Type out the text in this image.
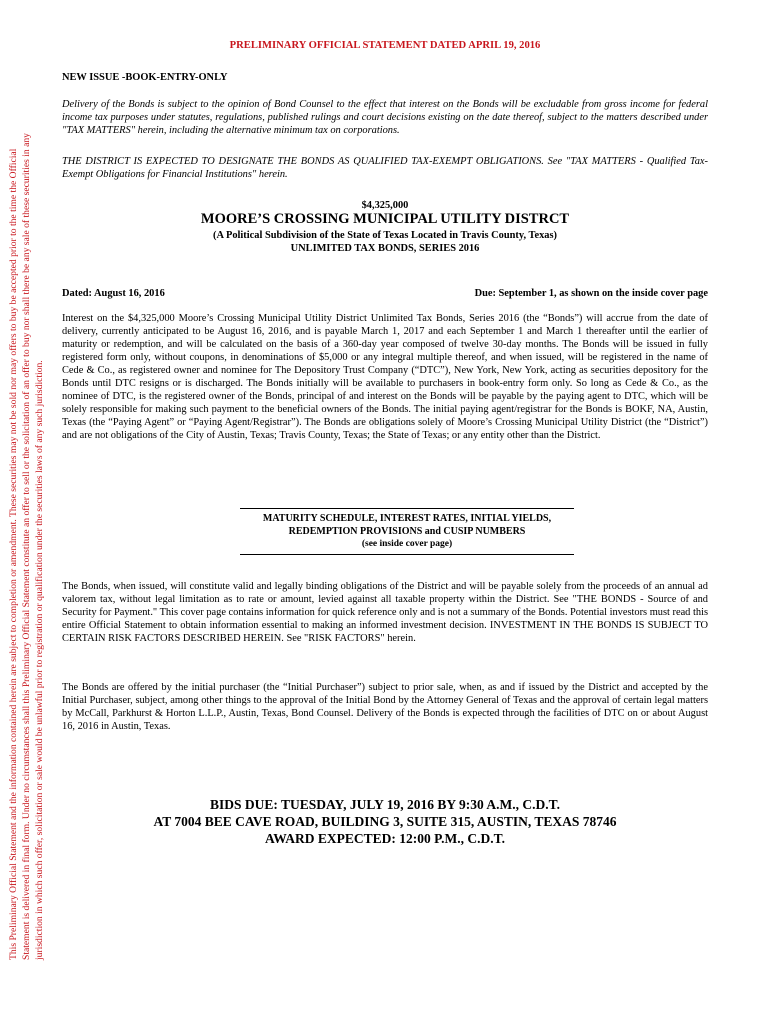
This Preliminary Official Statement and the information contained herein are subject to completion or amendment. These securities may not be sold nor may offers to buy be accepted prior to the time the Official Statement is delivered in final form. Under no circumstances shall this Preliminary Official Statement constitute an offer to sell or the solicitation of an offer to buy nor shall there be any sale of these securities in any jurisdiction in which such offer, solicitation or sale would be unlawful prior to registration or qualification under the securities laws of any such jurisdiction.
PRELIMINARY OFFICIAL STATEMENT DATED APRIL 19, 2016
NEW ISSUE -BOOK-ENTRY-ONLY

Delivery of the Bonds is subject to the opinion of Bond Counsel to the effect that interest on the Bonds will be excludable from gross income for federal income tax purposes under statutes, regulations, published rulings and court decisions existing on the date thereof, subject to the matters described under "TAX MATTERS" herein, including the alternative minimum tax on corporations.

THE DISTRICT IS EXPECTED TO DESIGNATE THE BONDS AS QUALIFIED TAX-EXEMPT OBLIGATIONS. See "TAX MATTERS - Qualified Tax-Exempt Obligations for Financial Institutions" herein.

$4,325,000
MOORE’S CROSSING MUNICIPAL UTILITY DISTRCT
(A Political Subdivision of the State of Texas Located in Travis County, Texas)
UNLIMITED TAX BONDS, SERIES 2016
Dated: August 16, 2016	Due: September 1, as shown on the inside cover page

Interest on the $4,325,000 Moore’s Crossing Municipal Utility District Unlimited Tax Bonds, Series 2016 (the “Bonds”) will accrue from the date of delivery, currently anticipated to be August 16, 2016, and is payable March 1, 2017 and each September 1 and March 1 thereafter until the earlier of maturity or redemption, and will be calculated on the basis of a 360-day year composed of twelve 30-day months. The Bonds will be issued in fully registered form only, without coupons, in denominations of $5,000 or any integral multiple thereof, and when issued, will be registered in the name of Cede & Co., as registered owner and nominee for The Depository Trust Company (“DTC”), New York, New York, acting as securities depository for the Bonds until DTC resigns or is discharged. The Bonds initially will be available to purchasers in book-entry form only. So long as Cede & Co., as the nominee of DTC, is the registered owner of the Bonds, principal of and interest on the Bonds will be payable by the paying agent to DTC, which will be solely responsible for making such payment to the beneficial owners of the Bonds. The initial paying agent/registrar for the Bonds is BOKF, NA, Austin, Texas (the “Paying Agent” or “Paying Agent/Registrar”). The Bonds are obligations solely of Moore’s Crossing Municipal Utility District (the “District”) and are not obligations of the City of Austin, Texas; Travis County, Texas; the State of Texas; or any entity other than the District.

MATURITY SCHEDULE, INTEREST RATES, INITIAL YIELDS,
REDEMPTION PROVISIONS and CUSIP NUMBERS
(see inside cover page)

The Bonds, when issued, will constitute valid and legally binding obligations of the District and will be payable solely from the proceeds of an annual ad valorem tax, without legal limitation as to rate or amount, levied against all taxable property within the District. See "THE BONDS - Source of and Security for Payment." This cover page contains information for quick reference only and is not a summary of the Bonds. Potential investors must read this entire Official Statement to obtain information essential to making an informed investment decision. INVESTMENT IN THE BONDS IS SUBJECT TO CERTAIN RISK FACTORS DESCRIBED HEREIN. See "RISK FACTORS" herein.

The Bonds are offered by the initial purchaser (the “Initial Purchaser”) subject to prior sale, when, as and if issued by the District and accepted by the Initial Purchaser, subject, among other things to the approval of the Initial Bond by the Attorney General of Texas and the approval of certain legal matters by McCall, Parkhurst & Horton L.L.P., Austin, Texas, Bond Counsel. Delivery of the Bonds is expected through the facilities of DTC on or about August 16, 2016 in Austin, Texas.

BIDS DUE: TUESDAY, JULY 19, 2016 BY 9:30 A.M., C.D.T.
AT 7004 BEE CAVE ROAD, BUILDING 3, SUITE 315, AUSTIN, TEXAS 78746
AWARD EXPECTED: 12:00 P.M., C.D.T.
